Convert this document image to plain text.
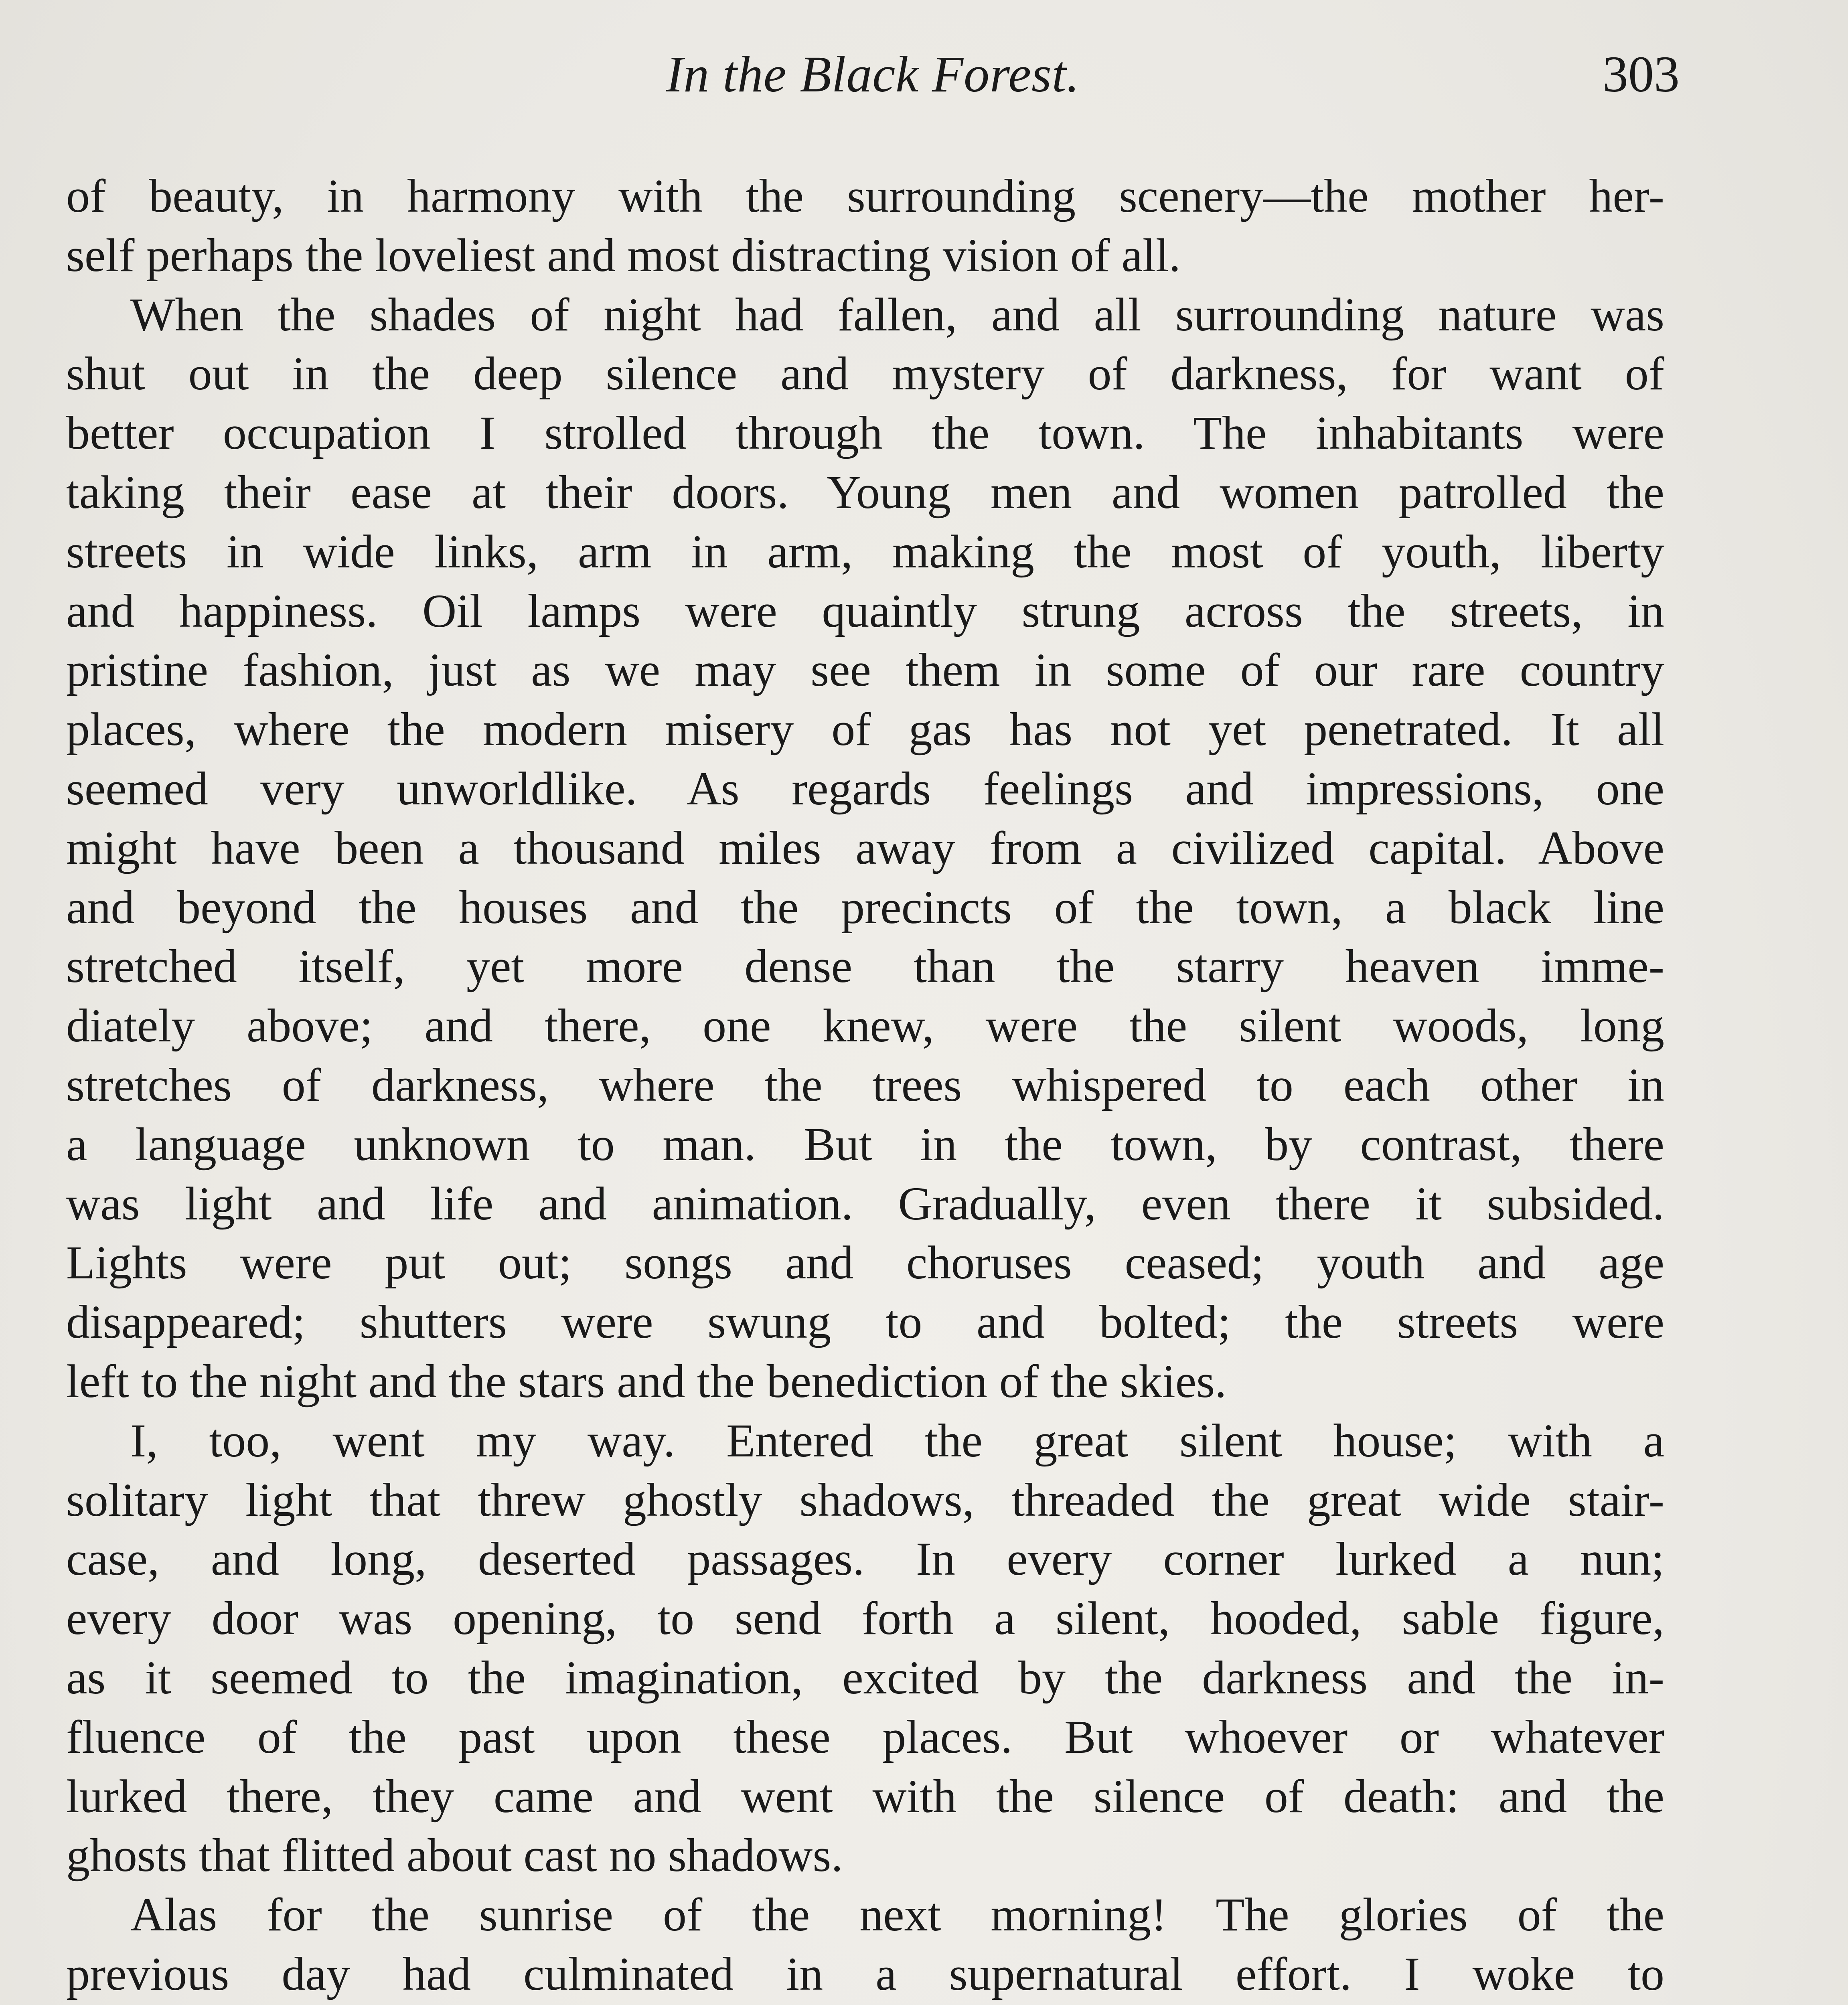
In the Black Forest.	303
of beauty, in harmony with the surrounding scenery—the mother her-
self perhaps the loveliest and most distracting vision of all.
When the shades of night had fallen, and all surrounding nature was
shut out in the deep silence and mystery of darkness, for want of
better occupation I strolled through the town. The inhabitants were
taking their ease at their doors. Young men and women patrolled the
streets in wide links, arm in arm, making the most of youth, liberty
and happiness. Oil lamps were quaintly strung across the streets, in
pristine fashion, just as we may see them in some of our rare country
places, where the modern misery of gas has not yet penetrated. It all
seemed very unworldlike. As regards feelings and impressions, one
might have been a thousand miles away from a civilized capital. Above
and beyond the houses and the precincts of the town, a black line
stretched itself, yet more dense than the starry heaven imme-
diately above; and there, one knew, were the silent woods, long
stretches of darkness, where the trees whispered to each other in
a language unknown to man. But in the town, by contrast, there
was light and life and animation. Gradually, even there it subsided.
Lights were put out; songs and choruses ceased; youth and age
disappeared; shutters were swung to and bolted; the streets were
left to the night and the stars and the benediction of the skies.
I, too, went my way. Entered the great silent house; with a
solitary light that threw ghostly shadows, threaded the great wide stair-
case, and long, deserted passages. In every corner lurked a nun;
every door was opening, to send forth a silent, hooded, sable figure,
as it seemed to the imagination, excited by the darkness and the in-
fluence of the past upon these places. But whoever or whatever
lurked there, they came and went with the silence of death: and the
ghosts that flitted about cast no shadows.
Alas for the sunrise of the next morning! The glories of the
previous day had culminated in a supernatural effort. I woke to
